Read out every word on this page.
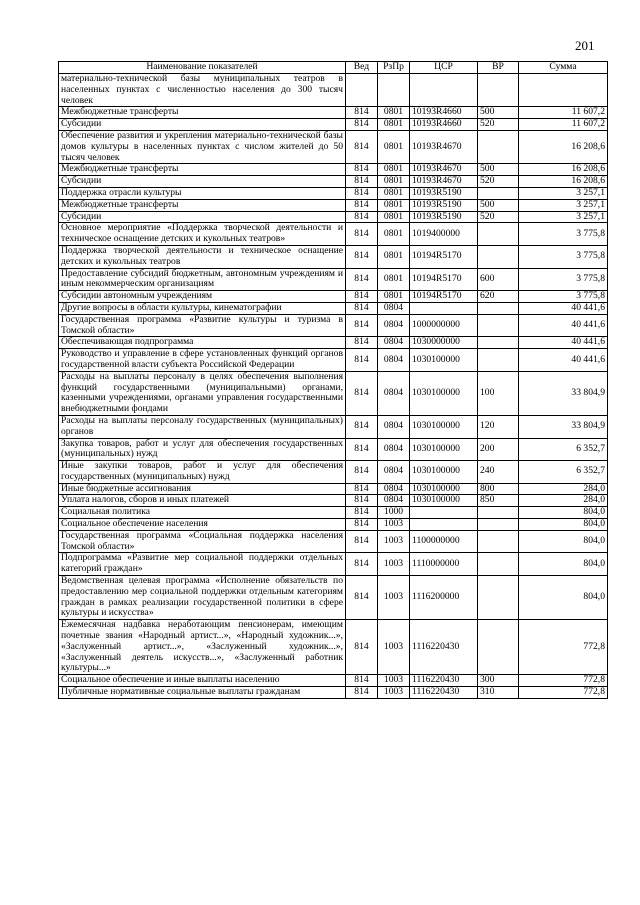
201
Наименование показателей	Вед	РзПр	ЦСР	ВР	Сумма
материально-технической базы муниципальных театров в населенных пунктах с численностью населения до 300 тысяч человек					
Межбюджетные трансферты	814	0801	10193R4660	500	11 607,2
Субсидии	814	0801	10193R4660	520	11 607,2
Обеспечение развития и укрепления материально-технической базы домов культуры в населенных пунктах с числом жителей до 50 тысяч человек	814	0801	10193R4670		16 208,6
Межбюджетные трансферты	814	0801	10193R4670	500	16 208,6
Субсидии	814	0801	10193R4670	520	16 208,6
Поддержка отрасли культуры	814	0801	10193R5190		3 257,1
Межбюджетные трансферты	814	0801	10193R5190	500	3 257,1
Субсидии	814	0801	10193R5190	520	3 257,1
Основное мероприятие «Поддержка творческой деятельности и техническое оснащение детских и кукольных театров»	814	0801	1019400000		3 775,8
Поддержка творческой деятельности и техническое оснащение детских и кукольных театров	814	0801	10194R5170		3 775,8
Предоставление субсидий бюджетным, автономным учреждениям и иным некоммерческим организациям	814	0801	10194R5170	600	3 775,8
Субсидии автономным учреждениям	814	0801	10194R5170	620	3 775,8
Другие вопросы в области культуры, кинематографии	814	0804			40 441,6
Государственная программа «Развитие культуры и туризма в Томской области»	814	0804	1000000000		40 441,6
Обеспечивающая подпрограмма	814	0804	1030000000		40 441,6
Руководство и управление в сфере установленных функций органов государственной власти субъекта Российской Федерации	814	0804	1030100000		40 441,6
Расходы на выплаты персоналу в целях обеспечения выполнения функций государственными (муниципальными) органами, казенными учреждениями, органами управления государственными внебюджетными фондами	814	0804	1030100000	100	33 804,9
Расходы на выплаты персоналу государственных (муниципальных) органов	814	0804	1030100000	120	33 804,9
Закупка товаров, работ и услуг для обеспечения государственных (муниципальных) нужд	814	0804	1030100000	200	6 352,7
Иные закупки товаров, работ и услуг для обеспечения государственных (муниципальных) нужд	814	0804	1030100000	240	6 352,7
Иные бюджетные ассигнования	814	0804	1030100000	800	284,0
Уплата налогов, сборов и иных платежей	814	0804	1030100000	850	284,0
Социальная политика	814	1000			804,0
Социальное обеспечение населения	814	1003			804,0
Государственная программа «Социальная поддержка населения Томской области»	814	1003	1100000000		804,0
Подпрограмма «Развитие мер социальной поддержки отдельных категорий граждан»	814	1003	1110000000		804,0
Ведомственная целевая программа «Исполнение обязательств по предоставлению мер социальной поддержки отдельным категориям граждан в рамках реализации государственной политики в сфере культуры и искусства»	814	1003	1116200000		804,0
Ежемесячная надбавка неработающим пенсионерам, имеющим почетные звания «Народный артист...», «Народный художник...», «Заслуженный артист...», «Заслуженный художник...», «Заслуженный деятель искусств...», «Заслуженный работник культуры...»	814	1003	1116220430		772,8
Социальное обеспечение и иные выплаты населению	814	1003	1116220430	300	772,8
Публичные нормативные социальные выплаты гражданам	814	1003	1116220430	310	772,8
